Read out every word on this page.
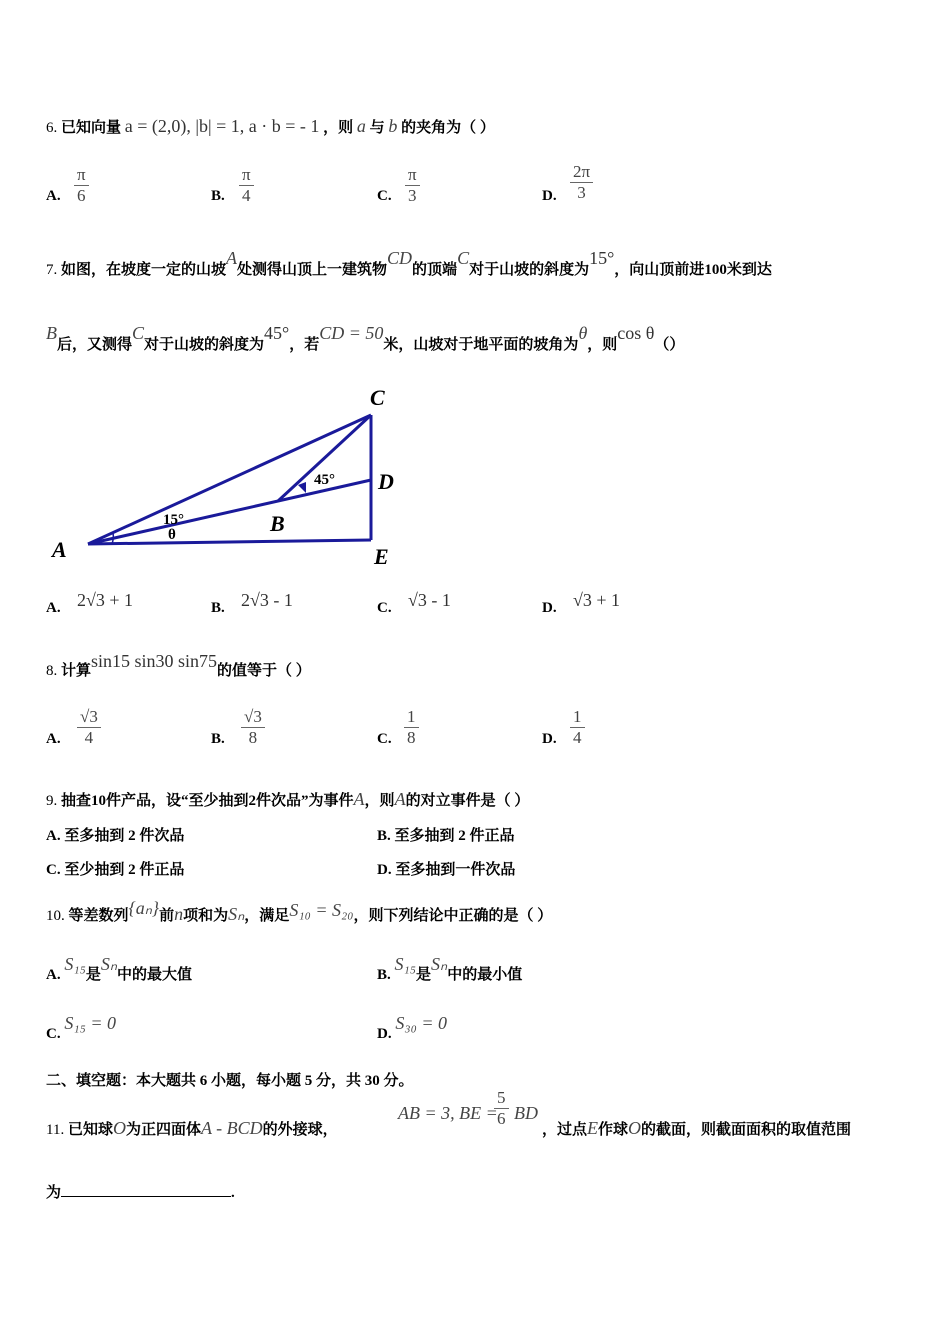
6. 已知向量 a = (2,0), |b| = 1, a · b = - 1 ，则 a 与 b 的夹角为（ ）
A. $\frac{\pi}{6}$	B. $\frac{\pi}{4}$	C. $\frac{\pi}{3}$	D. $\frac{2\pi}{3}$
7. 如图，在坡度一定的山坡A处测得山顶上一建筑物CD的顶端C对于山坡的斜度为15°，向山顶前进100米到达
B后，又测得C对于山坡的斜度为45°，若CD = 50米，山坡对于地平面的坡角为θ，则cos θ（）
C
D
E
A
B
15°
45°
θ
A. 2√3 + 1	B. 2√3 - 1	C. √3 - 1	D. √3 + 1
8. 计算sin15 sin30 sin75的值等于（ ）
A. $\frac{√3}{4}$	B. $\frac{√3}{8}$	C. $\frac{1}{8}$	D. $\frac{1}{4}$
9. 抽查10件产品，设“至少抽到2件次品”为事件A，则A的对立事件是（ ）
A. 至多抽到 2 件次品	B. 至多抽到 2 件正品
C. 至少抽到 2 件正品	D. 至多抽到一件次品
10. 等差数列{aₙ}前n项和为Sₙ，满足S₁₀ = S₂₀，则下列结论中正确的是（ ）
A. S₁₅是Sₙ中的最大值	B. S₁₅是Sₙ中的最小值
C. S₁₅ = 0
D. S₃₀ = 0
二、填空题：本大题共 6 小题，每小题 5 分，共 30 分。
11. 已知球O为正四面体A - BCD的外接球，
AB = 3, BE =
$\frac{5}{6}$ BD
，过点E作球O的截面，则截面面积的取值范围
为	.
